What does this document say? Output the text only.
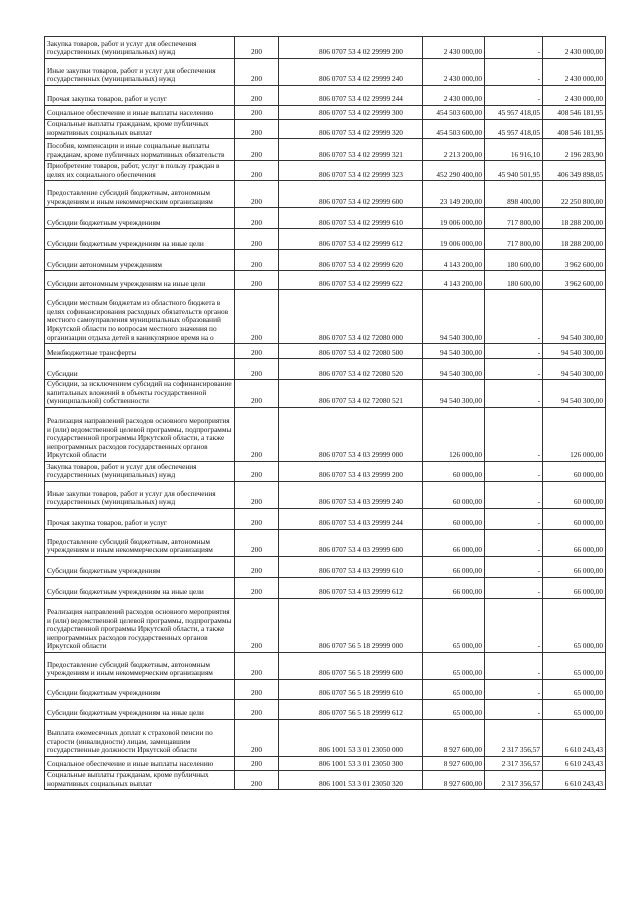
Закупка товаров, работ и услуг для обеспечения государственных (муниципальных) нужд	200	806 0707 53 4 02 29999 200	2 430 000,00	-	2 430 000,00
Иные закупки товаров, работ и услуг для обеспечения государственных (муниципальных) нужд	200	806 0707 53 4 02 29999 240	2 430 000,00	-	2 430 000,00
Прочая закупка товаров, работ и услуг	200	806 0707 53 4 02 29999 244	2 430 000,00	-	2 430 000,00
Социальное обеспечение и иные выплаты населению	200	806 0707 53 4 02 29999 300	454 503 600,00	45 957 418,05	408 546 181,95
Социальные выплаты гражданам, кроме публичных нормативных социальных выплат	200	806 0707 53 4 02 29999 320	454 503 600,00	45 957 418,05	408 546 181,95
Пособия, компенсации и иные социальные выплаты гражданам, кроме публичных нормативных обязательств	200	806 0707 53 4 02 29999 321	2 213 200,00	16 916,10	2 196 283,90
Приобретение товаров, работ, услуг в пользу граждан в целях их социального обеспечения	200	806 0707 53 4 02 29999 323	452 290 400,00	45 940 501,95	406 349 898,05
Предоставление субсидий бюджетным, автономным учреждениям и иным некоммерческим организациям	200	806 0707 53 4 02 29999 600	23 149 200,00	898 400,00	22 250 800,00
Субсидии бюджетным учреждениям	200	806 0707 53 4 02 29999 610	19 006 000,00	717 800,00	18 288 200,00
Субсидии бюджетным учреждениям на иные цели	200	806 0707 53 4 02 29999 612	19 006 000,00	717 800,00	18 288 200,00
Субсидии автономным учреждениям	200	806 0707 53 4 02 29999 620	4 143 200,00	180 600,00	3 962 600,00
Субсидии автономным учреждениям на иные цели	200	806 0707 53 4 02 29999 622	4 143 200,00	180 600,00	3 962 600,00
Субсидии местным бюджетам из областного бюджета в целях софинансирования расходных обязательств органов местного самоуправления муниципальных образований Иркутской области по вопросам местного значения по организации отдыха детей в каникулярное время на о	200	806 0707 53 4 02 72080 000	94 540 300,00	-	94 540 300,00
Межбюджетные трансферты	200	806 0707 53 4 02 72080 500	94 540 300,00	-	94 540 300,00
Субсидии	200	806 0707 53 4 02 72080 520	94 540 300,00	-	94 540 300,00
Субсидии, за исключением субсидий на софинансирование капитальных вложений в объекты государственной (муниципальной) собственности	200	806 0707 53 4 02 72080 521	94 540 300,00	-	94 540 300,00
Реализация направлений расходов основного мероприятия и (или) ведомственной целевой программы, подпрограммы государственной программы Иркутской области, а также непрограммных расходов государственных органов Иркутской области	200	806 0707 53 4 03 29999 000	126 000,00	-	126 000,00
Закупка товаров, работ и услуг для обеспечения государственных (муниципальных) нужд	200	806 0707 53 4 03 29999 200	60 000,00	-	60 000,00
Иные закупки товаров, работ и услуг для обеспечения государственных (муниципальных) нужд	200	806 0707 53 4 03 29999 240	60 000,00	-	60 000,00
Прочая закупка товаров, работ и услуг	200	806 0707 53 4 03 29999 244	60 000,00	-	60 000,00
Предоставление субсидий бюджетным, автономным учреждениям и иным некоммерческим организациям	200	806 0707 53 4 03 29999 600	66 000,00	-	66 000,00
Субсидии бюджетным учреждениям	200	806 0707 53 4 03 29999 610	66 000,00	-	66 000,00
Субсидии бюджетным учреждениям на иные цели	200	806 0707 53 4 03 29999 612	66 000,00	-	66 000,00
Реализация направлений расходов основного мероприятия и (или) ведомственной целевой программы, подпрограммы государственной программы Иркутской области, а также непрограммных расходов государственных органов Иркутской области	200	806 0707 56 5 18 29999 000	65 000,00	-	65 000,00
Предоставление субсидий бюджетным, автономным учреждениям и иным некоммерческим организациям	200	806 0707 56 5 18 29999 600	65 000,00	-	65 000,00
Субсидии бюджетным учреждениям	200	806 0707 56 5 18 29999 610	65 000,00	-	65 000,00
Субсидии бюджетным учреждениям на иные цели	200	806 0707 56 5 18 29999 612	65 000,00	-	65 000,00
Выплата ежемесячных доплат к страховой пенсии по старости (инвалидности) лицам, замещавшим государственные должности Иркутской области	200	806 1001 53 3 01 23050 000	8 927 600,00	2 317 356,57	6 610 243,43
Социальное обеспечение и иные выплаты населению	200	806 1001 53 3 01 23050 300	8 927 600,00	2 317 356,57	6 610 243,43
Социальные выплаты гражданам, кроме публичных нормативных социальных выплат	200	806 1001 53 3 01 23050 320	8 927 600,00	2 317 356,57	6 610 243,43
